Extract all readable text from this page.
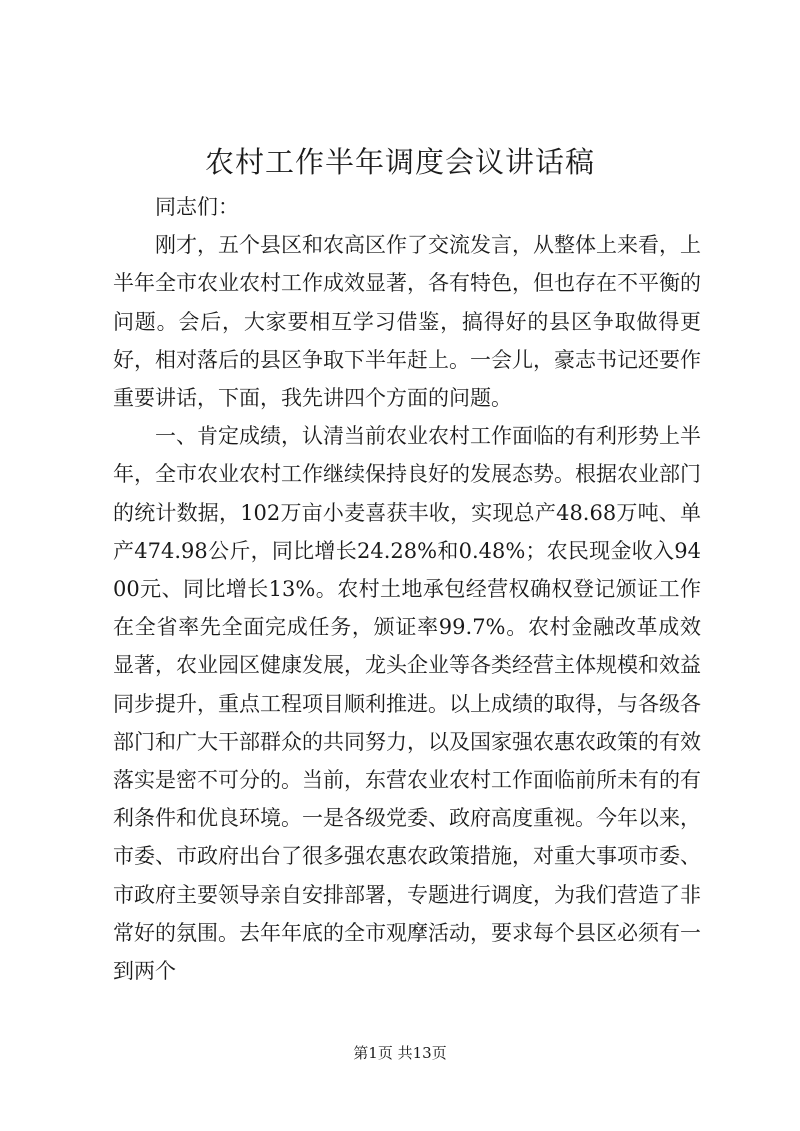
农村工作半年调度会议讲话稿

同志们：

刚才，五个县区和农高区作了交流发言，从整体上来看，上半年全市农业农村工作成效显著，各有特色，但也存在不平衡的问题。会后，大家要相互学习借鉴，搞得好的县区争取做得更好，相对落后的县区争取下半年赶上。一会儿，豪志书记还要作重要讲话，下面，我先讲四个方面的问题。

一、肯定成绩，认清当前农业农村工作面临的有利形势上半年，全市农业农村工作继续保持良好的发展态势。根据农业部门的统计数据，102万亩小麦喜获丰收，实现总产48.68万吨、单产474.98公斤，同比增长24.28%和0.48%；农民现金收入9400元、同比增长13%。农村土地承包经营权确权登记颁证工作在全省率先全面完成任务，颁证率99.7%。农村金融改革成效显著，农业园区健康发展，龙头企业等各类经营主体规模和效益同步提升，重点工程项目顺利推进。以上成绩的取得，与各级各部门和广大干部群众的共同努力，以及国家强农惠农政策的有效落实是密不可分的。当前，东营农业农村工作面临前所未有的有利条件和优良环境。一是各级党委、政府高度重视。今年以来，市委、市政府出台了很多强农惠农政策措施，对重大事项市委、市政府主要领导亲自安排部署，专题进行调度，为我们营造了非常好的氛围。去年年底的全市观摩活动，要求每个县区必须有一到两个

第1页 共13页
